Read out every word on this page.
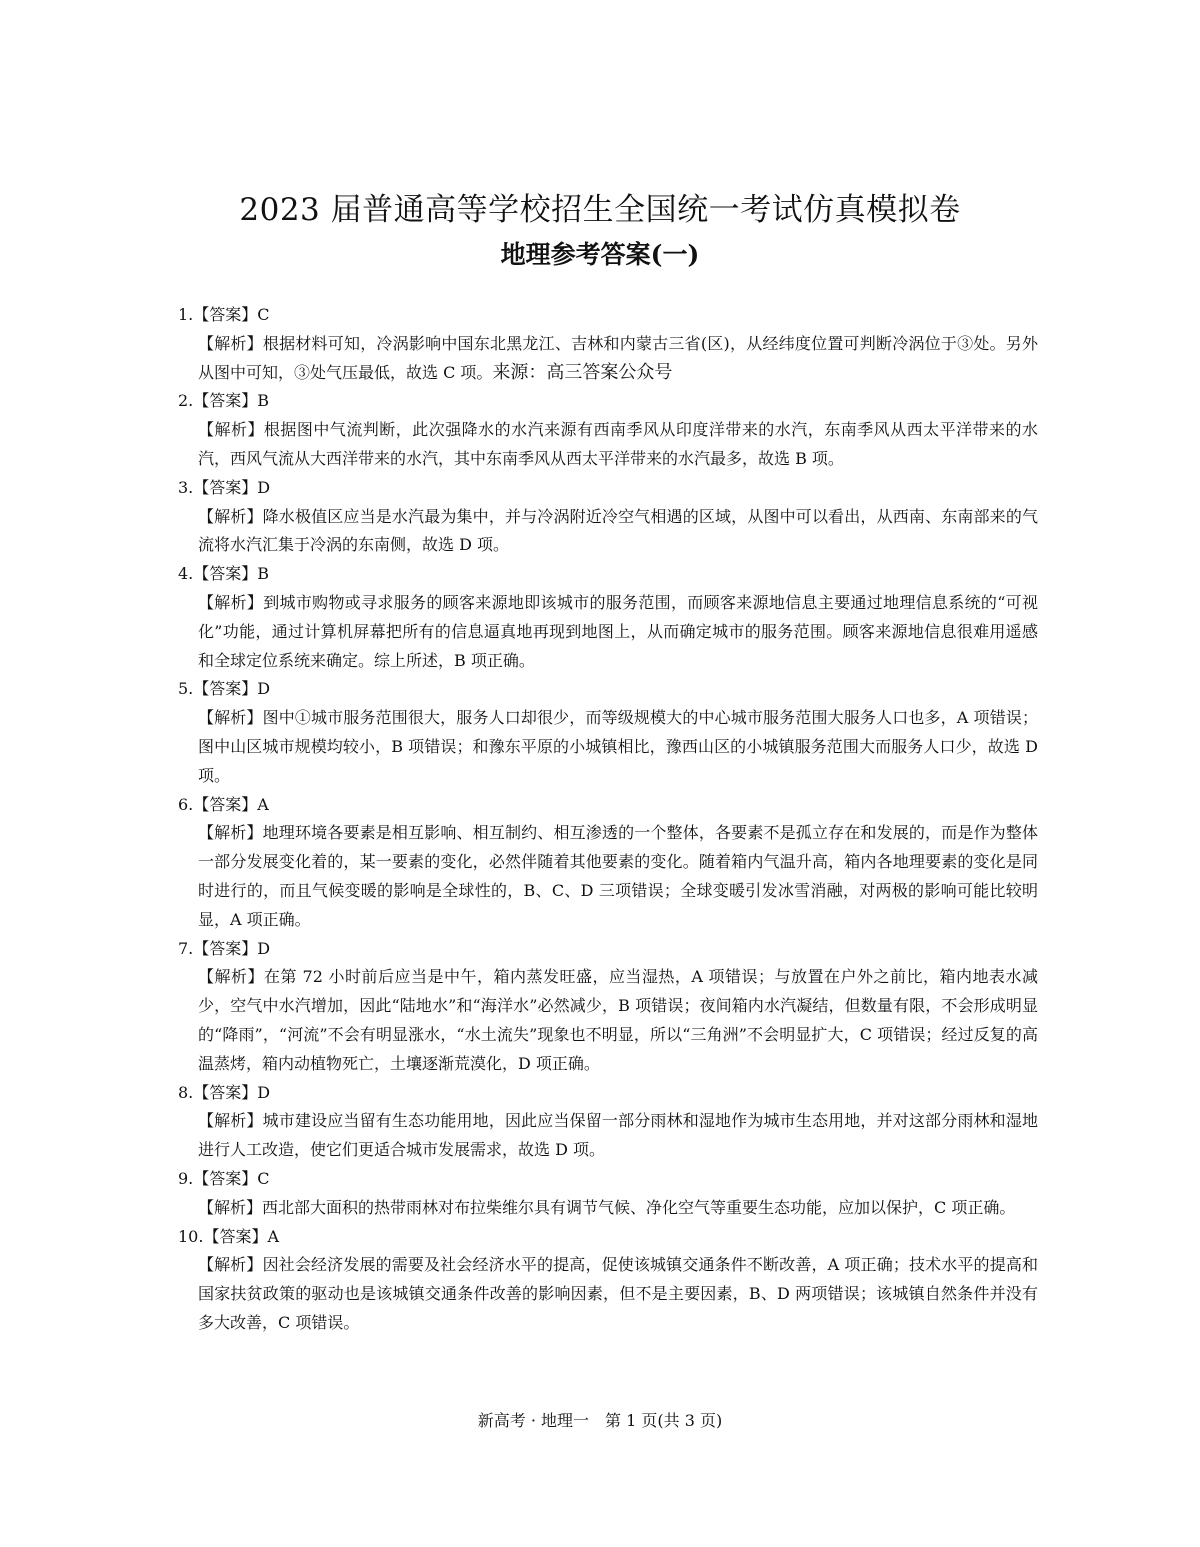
2023 届普通高等学校招生全国统一考试仿真模拟卷
地理参考答案(一)

1.【答案】C

【解析】根据材料可知，冷涡影响中国东北黑龙江、吉林和内蒙古三省(区)，从经纬度位置可判断冷涡位于③处。另外从图中可知，③处气压最低，故选 C 项。来源：高三答案公众号

2.【答案】B

【解析】根据图中气流判断，此次强降水的水汽来源有西南季风从印度洋带来的水汽，东南季风从西太平洋带来的水汽，西风气流从大西洋带来的水汽，其中东南季风从西太平洋带来的水汽最多，故选 B 项。

3.【答案】D

【解析】降水极值区应当是水汽最为集中，并与冷涡附近冷空气相遇的区域，从图中可以看出，从西南、东南部来的气流将水汽汇集于冷涡的东南侧，故选 D 项。

4.【答案】B

【解析】到城市购物或寻求服务的顾客来源地即该城市的服务范围，而顾客来源地信息主要通过地理信息系统的“可视化”功能，通过计算机屏幕把所有的信息逼真地再现到地图上，从而确定城市的服务范围。顾客来源地信息很难用遥感和全球定位系统来确定。综上所述，B 项正确。

5.【答案】D

【解析】图中①城市服务范围很大，服务人口却很少，而等级规模大的中心城市服务范围大服务人口也多，A 项错误；图中山区城市规模均较小，B 项错误；和豫东平原的小城镇相比，豫西山区的小城镇服务范围大而服务人口少，故选 D 项。

6.【答案】A

【解析】地理环境各要素是相互影响、相互制约、相互渗透的一个整体，各要素不是孤立存在和发展的，而是作为整体一部分发展变化着的，某一要素的变化，必然伴随着其他要素的变化。随着箱内气温升高，箱内各地理要素的变化是同时进行的，而且气候变暖的影响是全球性的，B、C、D 三项错误；全球变暖引发冰雪消融，对两极的影响可能比较明显，A 项正确。

7.【答案】D

【解析】在第 72 小时前后应当是中午，箱内蒸发旺盛，应当湿热，A 项错误；与放置在户外之前比，箱内地表水减少，空气中水汽增加，因此“陆地水”和“海洋水”必然减少，B 项错误；夜间箱内水汽凝结，但数量有限，不会形成明显的“降雨”，“河流”不会有明显涨水，“水土流失”现象也不明显，所以“三角洲”不会明显扩大，C 项错误；经过反复的高温蒸烤，箱内动植物死亡，土壤逐渐荒漠化，D 项正确。

8.【答案】D

【解析】城市建设应当留有生态功能用地，因此应当保留一部分雨林和湿地作为城市生态用地，并对这部分雨林和湿地进行人工改造，使它们更适合城市发展需求，故选 D 项。

9.【答案】C

【解析】西北部大面积的热带雨林对布拉柴维尔具有调节气候、净化空气等重要生态功能，应加以保护，C 项正确。

10.【答案】A

【解析】因社会经济发展的需要及社会经济水平的提高，促使该城镇交通条件不断改善，A 项正确；技术水平的提高和国家扶贫政策的驱动也是该城镇交通条件改善的影响因素，但不是主要因素，B、D 两项错误；该城镇自然条件并没有多大改善，C 项错误。

新高考 · 地理一　第 1 页(共 3 页)
